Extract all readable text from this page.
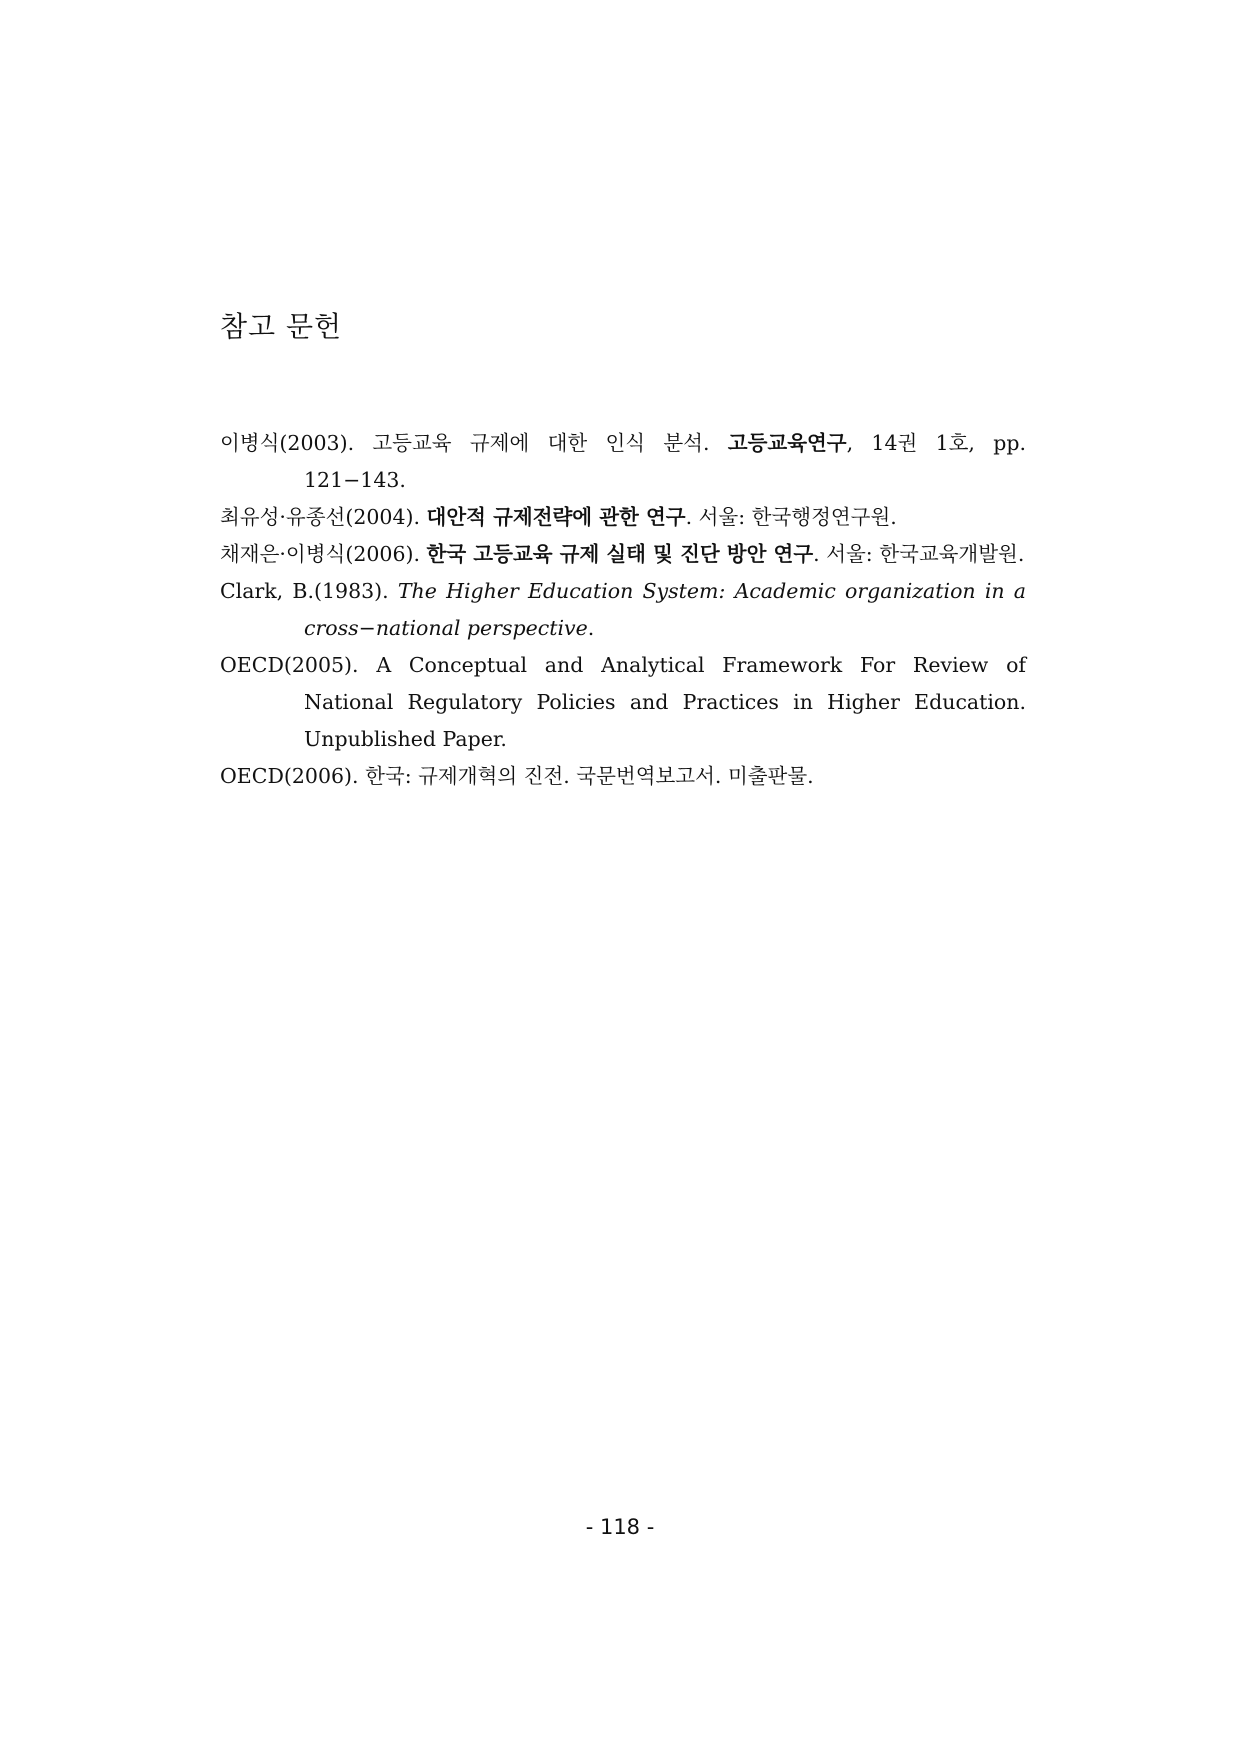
참고 문헌
이병식(2003). 고등교육 규제에 대한 인식 분석. 고등교육연구, 14권 1호, pp. 121−143.
최유성·유종선(2004). 대안적 규제전략에 관한 연구. 서울: 한국행정연구원.
채재은·이병식(2006). 한국 고등교육 규제 실태 및 진단 방안 연구. 서울: 한국교육개발원.
Clark, B.(1983). The Higher Education System: Academic organization in a cross−national perspective.
OECD(2005). A Conceptual and Analytical Framework For Review of National Regulatory Policies and Practices in Higher Education. Unpublished Paper.
OECD(2006). 한국: 규제개혁의 진전. 국문번역보고서. 미출판물.
- 118 -
